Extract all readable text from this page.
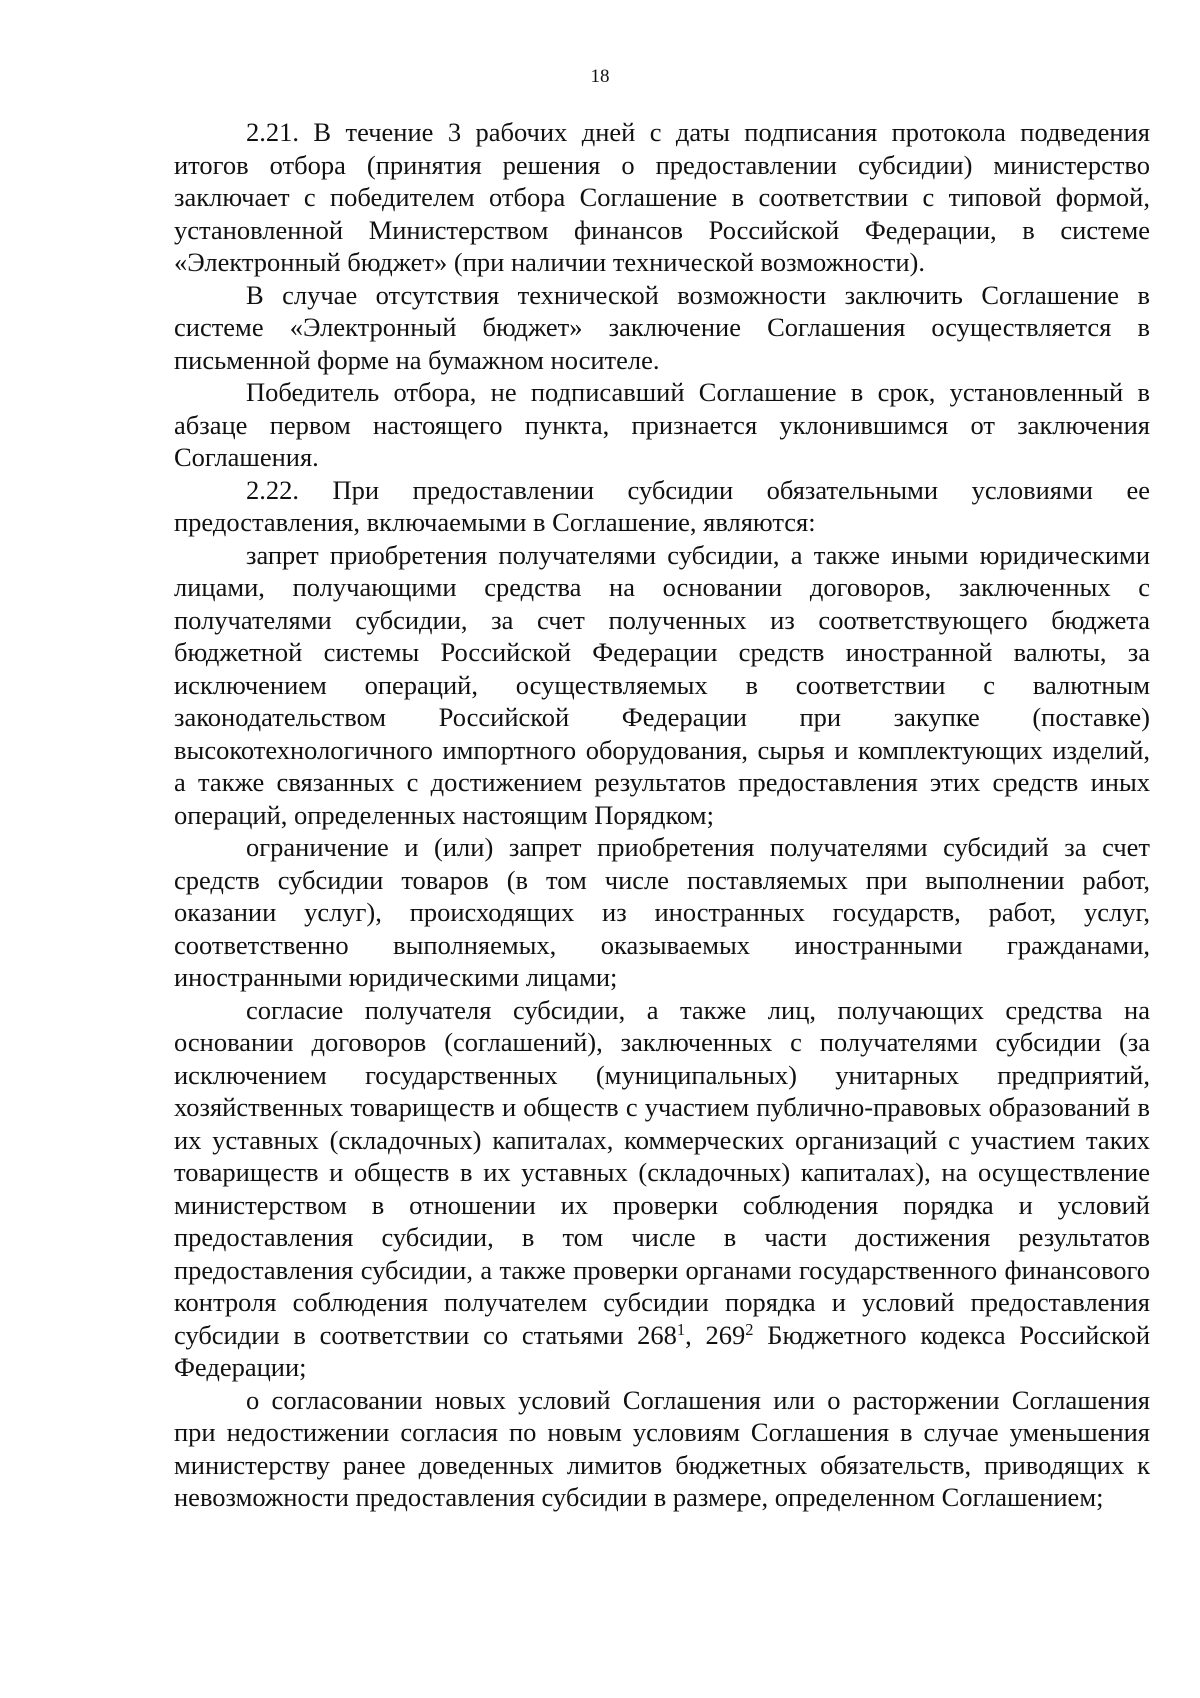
18

2.21. В течение 3 рабочих дней с даты подписания протокола подведения итогов отбора (принятия решения о предоставлении субсидии) министерство заключает с победителем отбора Соглашение в соответствии с типовой формой, установленной Министерством финансов Российской Федерации, в системе «Электронный бюджет» (при наличии технической возможности).

В случае отсутствия технической возможности заключить Соглашение в системе «Электронный бюджет» заключение Соглашения осуществляется в письменной форме на бумажном носителе.

Победитель отбора, не подписавший Соглашение в срок, установленный в абзаце первом настоящего пункта, признается уклонившимся от заключения Соглашения.

2.22. При предоставлении субсидии обязательными условиями ее предоставления, включаемыми в Соглашение, являются:

запрет приобретения получателями субсидии, а также иными юридическими лицами, получающими средства на основании договоров, заключенных с получателями субсидии, за счет полученных из соответствующего бюджета бюджетной системы Российской Федерации средств иностранной валюты, за исключением операций, осуществляемых в соответствии с валютным законодательством Российской Федерации при закупке (поставке) высокотехнологичного импортного оборудования, сырья и комплектующих изделий, а также связанных с достижением результатов предоставления этих средств иных операций, определенных настоящим Порядком;

ограничение и (или) запрет приобретения получателями субсидий за счет средств субсидии товаров (в том числе поставляемых при выполнении работ, оказании услуг), происходящих из иностранных государств, работ, услуг, соответственно выполняемых, оказываемых иностранными гражданами, иностранными юридическими лицами;

согласие получателя субсидии, а также лиц, получающих средства на основании договоров (соглашений), заключенных с получателями субсидии (за исключением государственных (муниципальных) унитарных предприятий, хозяйственных товариществ и обществ с участием публично-правовых образований в их уставных (складочных) капиталах, коммерческих организаций с участием таких товариществ и обществ в их уставных (складочных) капиталах), на осуществление министерством в отношении их проверки соблюдения порядка и условий предоставления субсидии, в том числе в части достижения результатов предоставления субсидии, а также проверки органами государственного финансового контроля соблюдения получателем субсидии порядка и условий предоставления субсидии в соответствии со статьями $268^1$, $269^2$ Бюджетного кодекса Российской Федерации;

о согласовании новых условий Соглашения или о расторжении Соглашения при недостижении согласия по новым условиям Соглашения в случае уменьшения министерству ранее доведенных лимитов бюджетных обязательств, приводящих к невозможности предоставления субсидии в размере, определенном Соглашением;
